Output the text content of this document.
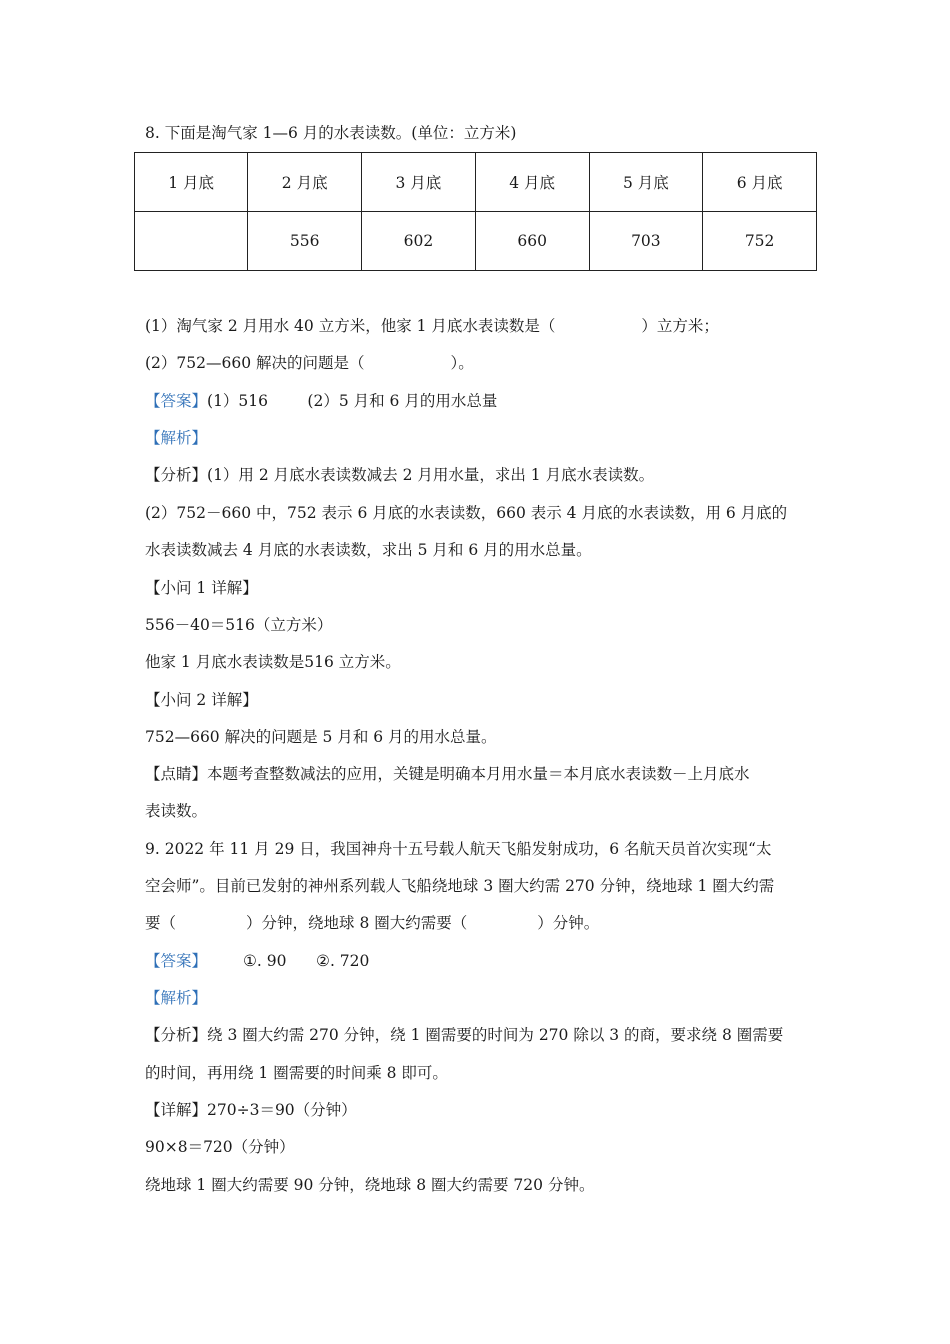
8. 下面是淘气家 1—6 月的水表读数。(单位：立方米)
1 月底	2 月底	3 月底	4 月底	5 月底	6 月底
	556	602	660	703	752
(1）淘气家 2 月用水 40 立方米，他家 1 月底水表读数是（	）立方米；
(2）752—660 解决的问题是（	）。
【答案】(1）516        (2）5 月和 6 月的用水总量
【解析】
【分析】(1）用 2 月底水表读数减去 2 月用水量，求出 1 月底水表读数。
(2）752－660 中，752 表示 6 月底的水表读数，660 表示 4 月底的水表读数，用 6 月底的
水表读数减去 4 月底的水表读数，求出 5 月和 6 月的用水总量。
【小问 1 详解】
556－40＝516（立方米）
他家 1 月底水表读数是516 立方米。
【小问 2 详解】
752—660 解决的问题是 5 月和 6 月的用水总量。
【点睛】本题考查整数减法的应用，关键是明确本月用水量＝本月底水表读数－上月底水
表读数。
9. 2022 年 11 月 29 日，我国神舟十五号载人航天飞船发射成功，6 名航天员首次实现“太
空会师”。目前已发射的神州系列载人飞船绕地球 3 圈大约需 270 分钟，绕地球 1 圈大约需
要（	）分钟，绕地球 8 圈大约需要（	）分钟。
【答案】 ①. 90      ②. 720
【解析】
【分析】绕 3 圈大约需 270 分钟，绕 1 圈需要的时间为 270 除以 3 的商，要求绕 8 圈需要
的时间，再用绕 1 圈需要的时间乘 8 即可。
【详解】270÷3＝90（分钟）
90×8＝720（分钟）
绕地球 1 圈大约需要 90 分钟，绕地球 8 圈大约需要 720 分钟。
